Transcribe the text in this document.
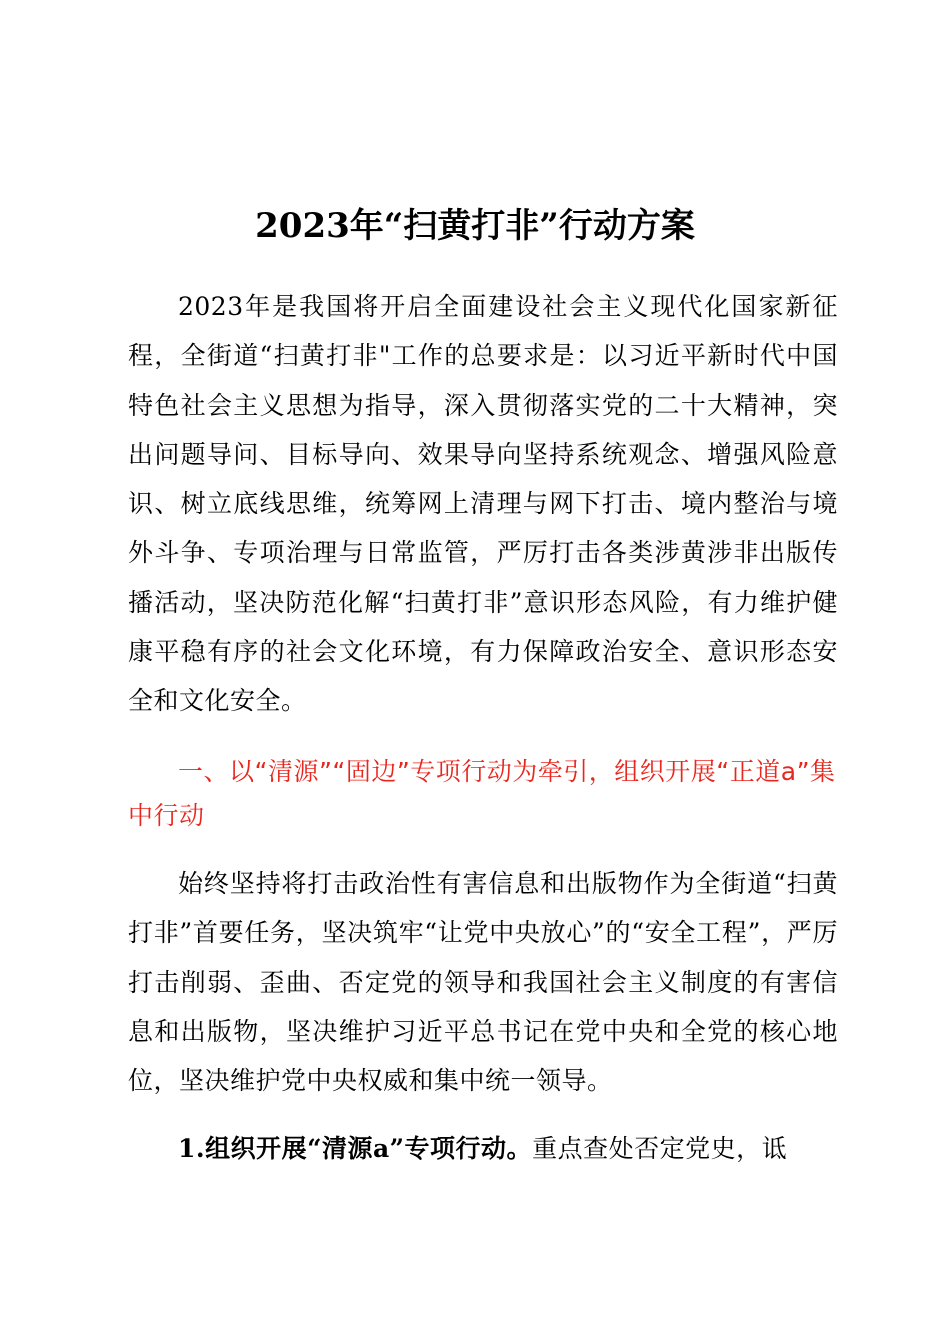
2023年“扫黄打非”行动方案

2023年是我国将开启全面建设社会主义现代化国家新征程，全街道“扫黄打非"工作的总要求是：以习近平新时代中国特色社会主义思想为指导，深入贯彻落实党的二十大精神，突出问题导问、目标导向、效果导向坚持系统观念、增强风险意识、树立底线思维，统筹网上清理与网下打击、境内整治与境外斗争、专项治理与日常监管，严厉打击各类涉黄涉非出版传播活动，坚决防范化解“扫黄打非”意识形态风险，有力维护健康平稳有序的社会文化环境，有力保障政治安全、意识形态安全和文化安全。

一、以“清源”“固边”专项行动为牵引，组织开展“正道a”集中行动

始终坚持将打击政治性有害信息和出版物作为全街道“扫黄打非”首要任务，坚决筑牢“让党中央放心”的“安全工程”，严厉打击削弱、歪曲、否定党的领导和我国社会主义制度的有害信息和出版物，坚决维护习近平总书记在党中央和全党的核心地位，坚决维护党中央权威和集中统一领导。

1.组织开展“清源a”专项行动。重点查处否定党史，诋
